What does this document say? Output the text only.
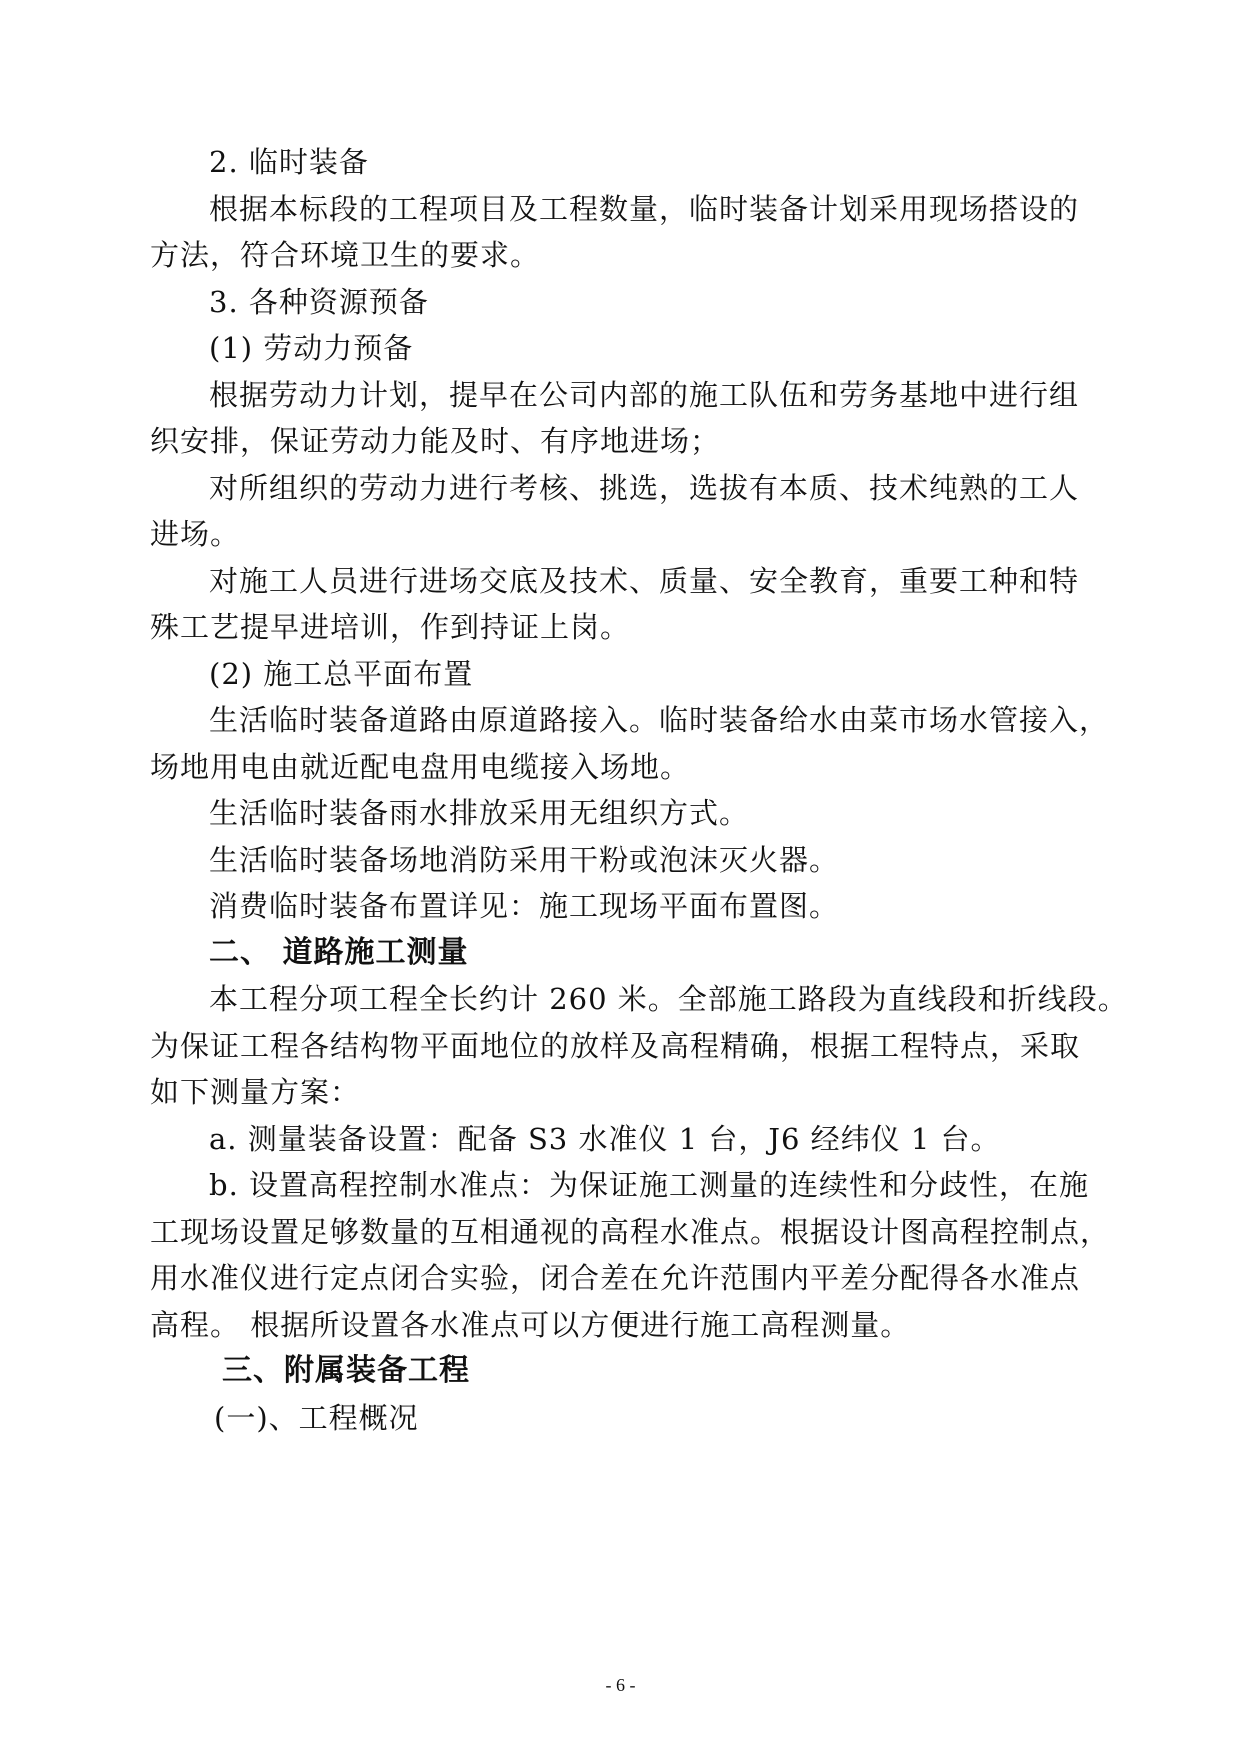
2. 临时装备
根据本标段的工程项目及工程数量，临时装备计划采用现场搭设的
方法，符合环境卫生的要求。
3. 各种资源预备
(1) 劳动力预备
根据劳动力计划，提早在公司内部的施工队伍和劳务基地中进行组
织安排，保证劳动力能及时、有序地进场；
对所组织的劳动力进行考核、挑选，选拔有本质、技术纯熟的工人
进场。
对施工人员进行进场交底及技术、质量、安全教育，重要工种和特
殊工艺提早进培训，作到持证上岗。
(2) 施工总平面布置
生活临时装备道路由原道路接入。临时装备给水由菜市场水管接入，
场地用电由就近配电盘用电缆接入场地。
生活临时装备雨水排放采用无组织方式。
生活临时装备场地消防采用干粉或泡沫灭火器。
消费临时装备布置详见：施工现场平面布置图。
二、 道路施工测量
本工程分项工程全长约计 260 米。全部施工路段为直线段和折线段。
为保证工程各结构物平面地位的放样及高程精确，根据工程特点，采取
如下测量方案：
a. 测量装备设置：配备 S3 水准仪 1 台，J6 经纬仪 1 台。
b. 设置高程控制水准点：为保证施工测量的连续性和分歧性，在施
工现场设置足够数量的互相通视的高程水准点。根据设计图高程控制点，
用水准仪进行定点闭合实验，闭合差在允许范围内平差分配得各水准点
高程。 根据所设置各水准点可以方便进行施工高程测量。
三、附属装备工程
(一)、工程概况
- 6 -
